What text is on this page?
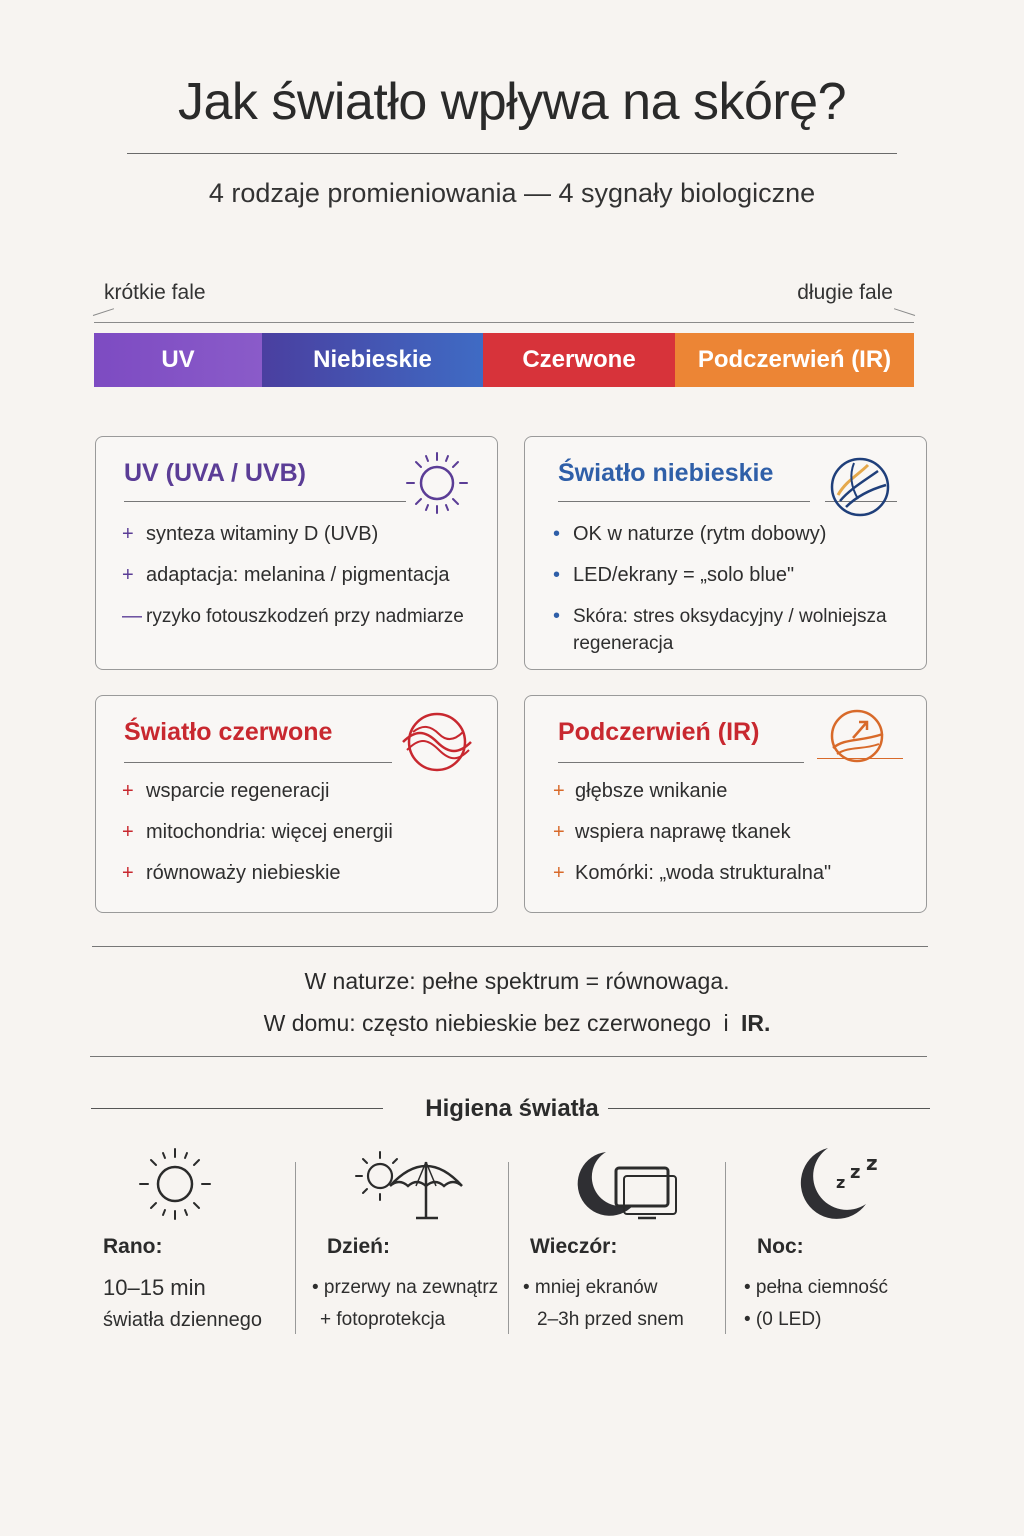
Jak światło wpływa na skórę?
4 rodzaje promieniowania — 4 sygnały biologiczne
krótkie fale	długie fale
UV	Niebieskie	Czerwone	Podczerwień (IR)
UV (UVA / UVB)
+ synteza witaminy D (UVB)
+ adaptacja: melanina / pigmentacja
— ryzyko fotouszkodzeń przy nadmiarze
Światło niebieskie
• OK w naturze (rytm dobowy)
• LED/ekrany = „solo blue"
• Skóra: stres oksydacyjny / wolniejsza regeneracja
Światło czerwone
+ wsparcie regeneracji
+ mitochondria: więcej energii
+ równoważy niebieskie
Podczerwień (IR)
+ głębsze wnikanie
+ wspiera naprawę tkanek
+ Komórki: „woda strukturalna"
W naturze: pełne spektrum = równowaga.
W domu: często niebieskie bez czerwonego i IR.
Higiena światła
Rano:
10–15 min
światła dziennego
Dzień:
• przerwy na zewnątrz
+ fotoprotekcja
Wieczór:
• mniej ekranów
2–3h przed snem
z z z
Noc:
• pełna ciemność
• (0 LED)
